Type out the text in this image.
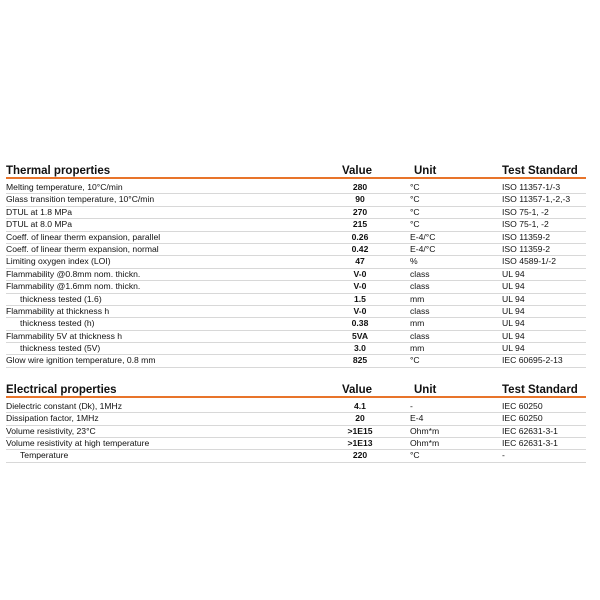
Thermal properties	Value	Unit	Test Standard
Melting temperature, 10°C/min	280	°C	ISO 11357-1/-3
Glass transition temperature, 10°C/min	90	°C	ISO 11357-1,-2,-3
DTUL at 1.8 MPa	270	°C	ISO 75-1, -2
DTUL at 8.0 MPa	215	°C	ISO 75-1, -2
Coeff. of linear therm expansion, parallel	0.26	E-4/°C	ISO 11359-2
Coeff. of linear therm expansion, normal	0.42	E-4/°C	ISO 11359-2
Limiting oxygen index (LOI)	47	%	ISO 4589-1/-2
Flammability @0.8mm nom. thickn.	V-0	class	UL 94
Flammability @1.6mm nom. thickn.	V-0	class	UL 94
thickness tested (1.6)	1.5	mm	UL 94
Flammability at thickness h	V-0	class	UL 94
thickness tested (h)	0.38	mm	UL 94
Flammability 5V at thickness h	5VA	class	UL 94
thickness tested (5V)	3.0	mm	UL 94
Glow wire ignition temperature, 0.8 mm	825	°C	IEC 60695-2-13
Electrical properties	Value	Unit	Test Standard
Dielectric constant (Dk), 1MHz	4.1	-	IEC 60250
Dissipation factor, 1MHz	20	E-4	IEC 60250
Volume resistivity, 23°C	>1E15	Ohm*m	IEC 62631-3-1
Volume resistivity at high temperature	>1E13	Ohm*m	IEC 62631-3-1
Temperature	220	°C	-
